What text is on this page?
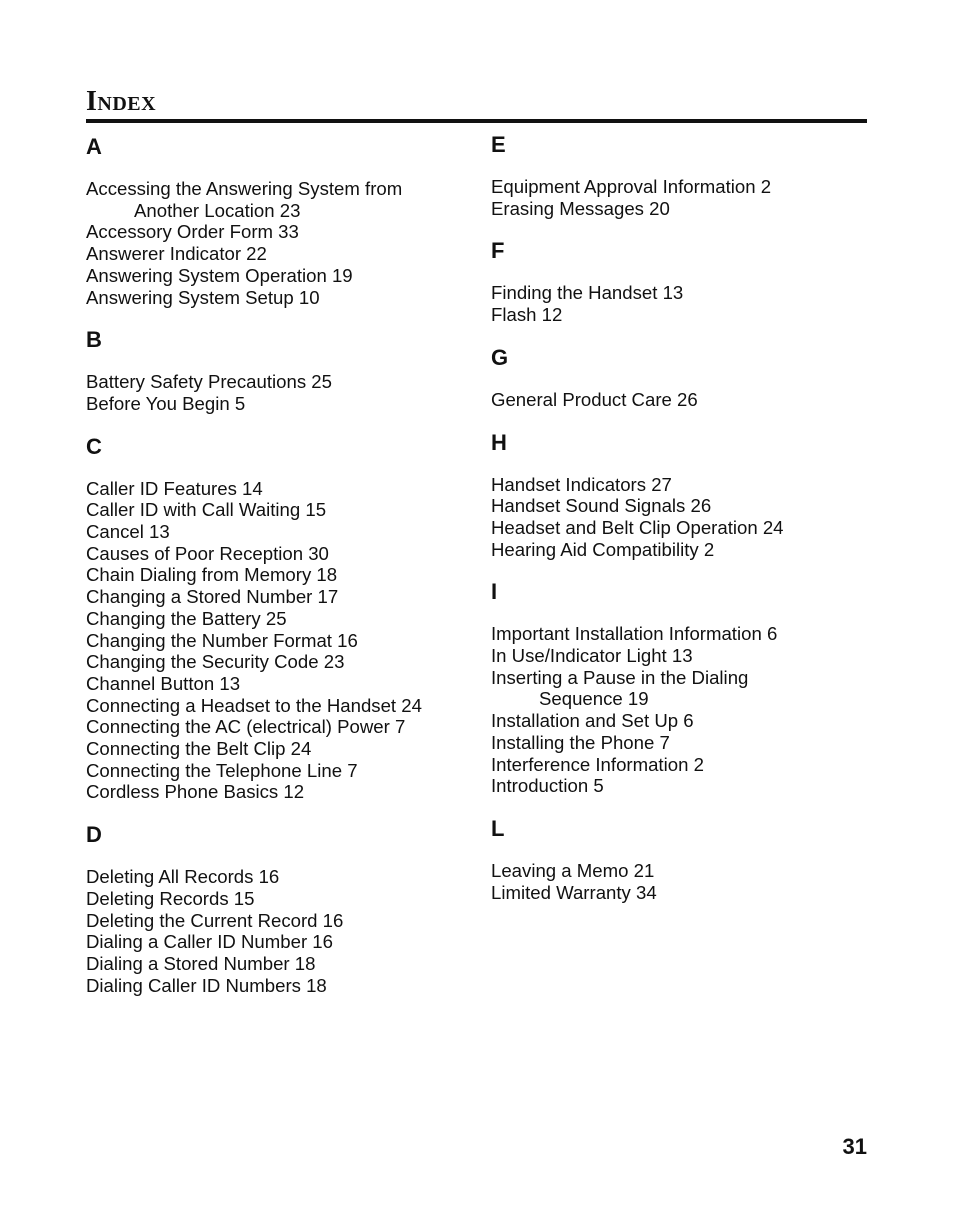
Index
A
Accessing the Answering System from
Another Location 23
Accessory Order Form 33
Answerer Indicator 22
Answering System Operation 19
Answering System Setup 10
B
Battery Safety Precautions 25
Before You Begin 5
C
Caller ID Features 14
Caller ID with Call Waiting 15
Cancel 13
Causes of Poor Reception 30
Chain Dialing from Memory 18
Changing a Stored Number 17
Changing the Battery 25
Changing the Number Format 16
Changing the Security Code 23
Channel Button 13
Connecting a Headset to the Handset 24
Connecting the AC (electrical) Power 7
Connecting the Belt Clip 24
Connecting the Telephone Line 7
Cordless Phone Basics 12
D
Deleting All Records 16
Deleting Records 15
Deleting the Current Record 16
Dialing a Caller ID Number 16
Dialing a Stored Number 18
Dialing Caller ID Numbers 18
E
Equipment Approval Information 2
Erasing Messages 20
F
Finding the Handset 13
Flash 12
G
General Product Care 26
H
Handset Indicators 27
Handset Sound Signals 26
Headset and Belt Clip Operation 24
Hearing Aid Compatibility 2
I
Important Installation Information 6
In Use/Indicator Light 13
Inserting a Pause in the Dialing
Sequence 19
Installation and Set Up 6
Installing the Phone 7
Interference Information 2
Introduction 5
L
Leaving a Memo 21
Limited Warranty 34
31
